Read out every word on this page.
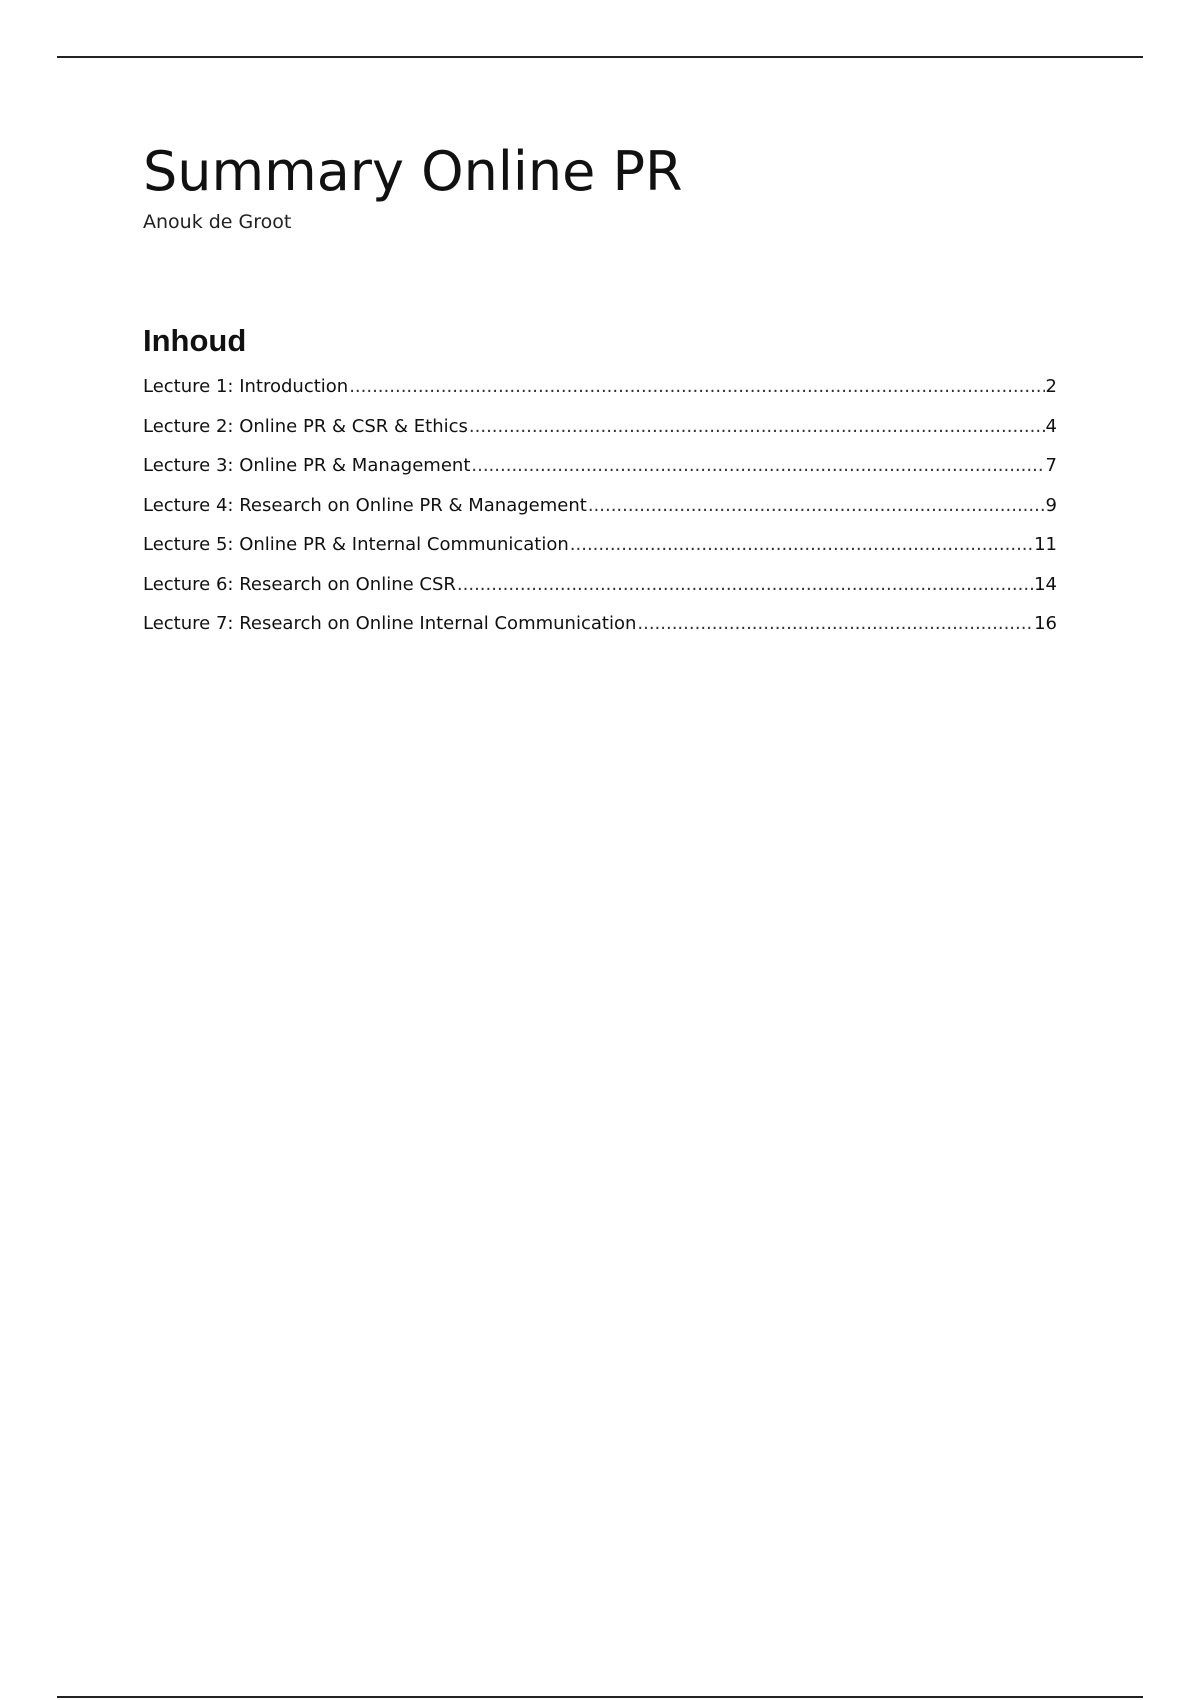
Summary Online PR
Anouk de Groot
Inhoud
Lecture 1: Introduction .....	2
Lecture 2: Online PR & CSR & Ethics .....	4
Lecture 3: Online PR & Management .....	7
Lecture 4: Research on Online PR & Management .....	9
Lecture 5: Online PR & Internal Communication .....	11
Lecture 6: Research on Online CSR .....	14
Lecture 7: Research on Online Internal Communication .....	16
